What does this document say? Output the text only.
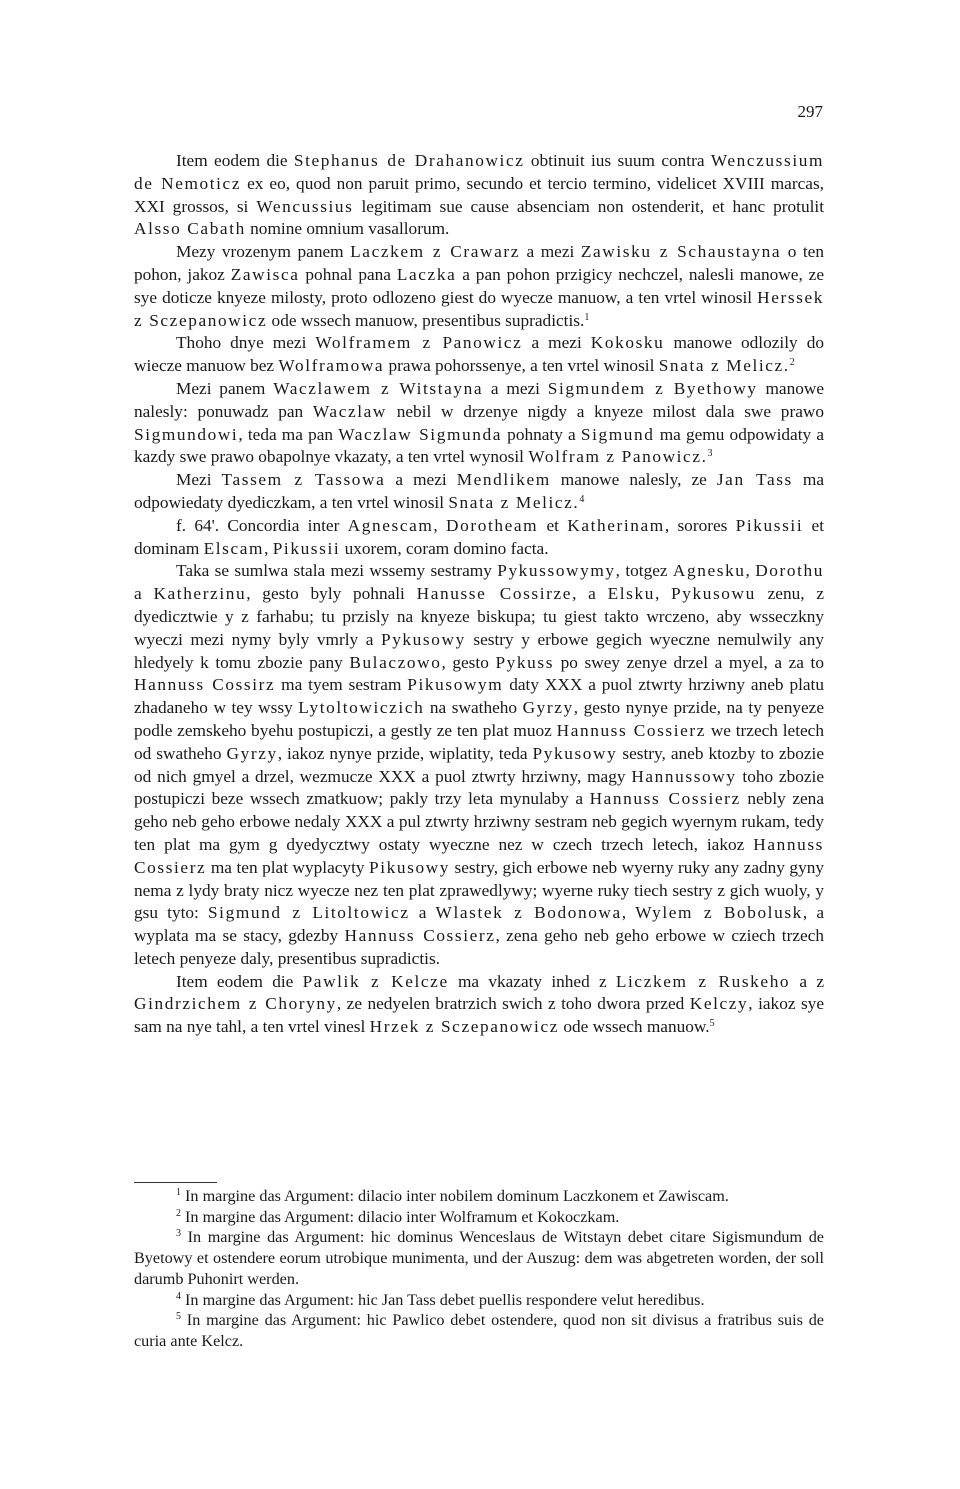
297

Item eodem die Stephanus de Drahanowicz obtinuit ius suum contra Wenczussium de Nemoticz ex eo, quod non paruit primo, secundo et tercio termino, videlicet XVIII marcas, XXI grossos, si Wencussius legitimam sue cause absenciam non ostenderit, et hanc protulit Alsso Cabath nomine omnium vasallorum.

Mezy vrozenym panem Laczkem z Crawarz a mezi Zawisku z Schaustayna o ten pohon, jakoz Zawisca pohnal pana Laczka a pan pohon przigicy nechczel, nalesli manowe, ze sye doticze knyeze milosty, proto odlozeno giest do wyecze manuow, a ten vrtel winosil Herssek z Sczepanowicz ode wssech manuow, presentibus supradictis.$^1$

Thoho dnye mezi Wolframem z Panowicz a mezi Kokosku manowe odlozily do wiecze manuow bez Wolframowa prawa pohorssenye, a ten vrtel winosil Snata z Melicz.$^2$

Mezi panem Waczlawem z Witstayna a mezi Sigmundem z Byethowy manowe nalesly: ponuwadz pan Waczlaw nebil w drzenye nigdy a knyeze milost dala swe prawo Sigmundowi, teda ma pan Waczlaw Sigmunda pohnaty a Sigmund ma gemu odpowidaty a kazdy swe prawo obapolnye vkazaty, a ten vrtel wynosil Wolfram z Panowicz.$^3$

Mezi Tassem z Tassowa a mezi Mendlikem manowe nalesly, ze Jan Tass ma odpowiedaty dyediczkam, a ten vrtel winosil Snata z Melicz.$^4$

f. 64'. Concordia inter Agnescam, Dorotheam et Katherinam, sorores Pikussii et dominam Elscam, Pikussii uxorem, coram domino facta.

Taka se sumlwa stala mezi wssemy sestramy Pykussowymy, totgez Agnesku, Dorothu a Katherzinu, gesto byly pohnali Hanusse Cossirze, a Elsku, Pykusowu zenu, z dyedicztwie y z farhabu; tu przisly na knyeze biskupa; tu giest takto wrczeno, aby wsseczkny wyeczi mezi nymy byly vmrly a Pykusowy sestry y erbowe gegich wyeczne nemulwily any hledyely k tomu zbozie pany Bulaczowo, gesto Pykuss po swey zenye drzel a myel, a za to Hannuss Cossirz ma tyem sestram Pikusowym daty XXX a puol ztwrty hrziwny aneb platu zhadaneho w tey wssy Lytoltowiczich na swatheho Gyrzy, gesto nynye przide, na ty penyeze podle zemskeho byehu postupiczi, a gestly ze ten plat muoz Hannuss Cossierz we trzech letech od swatheho Gyrzy, iakoz nynye przide, wiplatity, teda Pykusowy sestry, aneb ktozby to zbozie od nich gmyel a drzel, wezmucze XXX a puol ztwrty hrziwny, magy Hannussowy toho zbozie postupiczi beze wssech zmatkuow; pakly trzy leta mynulaby a Hannuss Cossierz nebly zena geho neb geho erbowe nedaly XXX a pul ztwrty hrziwny sestram neb gegich wyernym rukam, tedy ten plat ma gym g dyedycztwy ostaty wyeczne nez w czech trzech letech, iakoz Hannuss Cossierz ma ten plat wyplacyty Pikusowy sestry, gich erbowe neb wyerny ruky any zadny gyny nema z lydy braty nicz wyecze nez ten plat zprawedlywy; wyerne ruky tiech sestry z gich wuoly, y gsu tyto: Sigmund z Litoltowicz a Wlastek z Bodonowa, Wylem z Bobolusk, a wyplata ma se stacy, gdezby Hannuss Cossierz, zena geho neb geho erbowe w cziech trzech letech penyeze daly, presentibus supradictis.

Item eodem die Pawlik z Kelcze ma vkazaty inhed z Liczkem z Ruskeho a z Gindrzichem z Choryny, ze nedyelen bratrzich swich z toho dwora przed Kelczy, iakoz sye sam na nye tahl, a ten vrtel vinesl Hrzek z Sczepanowicz ode wssech manuow.$^5$

$^1$ In margine das Argument: dilacio inter nobilem dominum Laczkonem et Zawiscam.

$^2$ In margine das Argument: dilacio inter Wolframum et Kokoczkam.

$^3$ In margine das Argument: hic dominus Wenceslaus de Witstayn debet citare Sigismundum de Byetowy et ostendere eorum utrobique munimenta, und der Auszug: dem was abgetreten worden, der soll darumb Puhonirt werden.

$^4$ In margine das Argument: hic Jan Tass debet puellis respondere velut heredibus.

$^5$ In margine das Argument: hic Pawlico debet ostendere, quod non sit divisus a fratribus suis de curia ante Kelcz.
